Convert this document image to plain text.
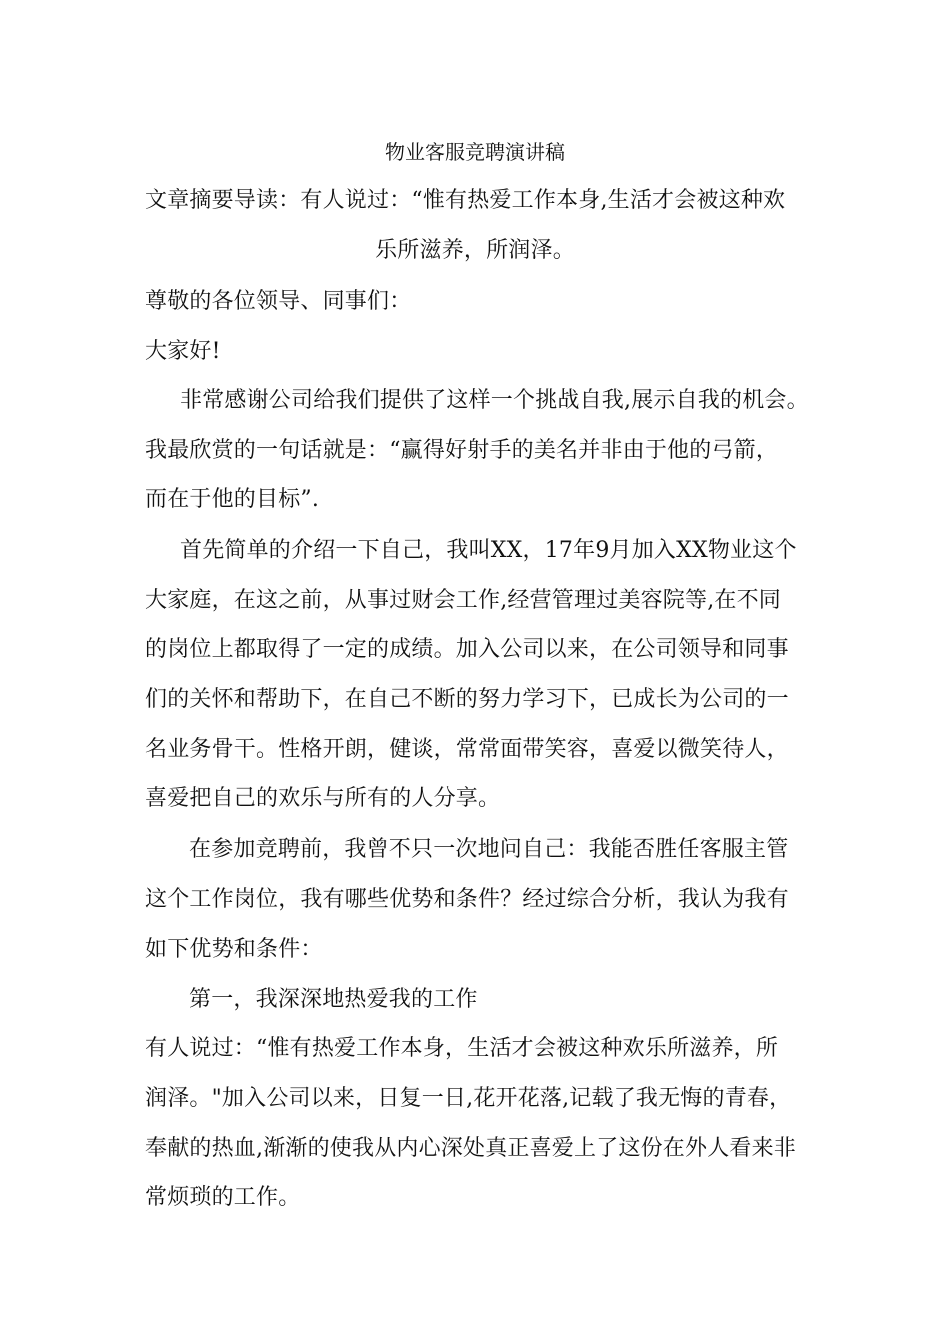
物业客服竞聘演讲稿
文章摘要导读：有人说过：“惟有热爱工作本身,生活才会被这种欢
乐所滋养，所润泽。
尊敬的各位领导、同事们：
大家好!
非常感谢公司给我们提供了这样一个挑战自我,展示自我的机会。
我最欣赏的一句话就是：“赢得好射手的美名并非由于他的弓箭，
而在于他的目标”.
首先简单的介绍一下自己，我叫XX，17年9月加入XX物业这个
大家庭，在这之前，从事过财会工作,经营管理过美容院等,在不同
的岗位上都取得了一定的成绩。加入公司以来，在公司领导和同事
们的关怀和帮助下，在自己不断的努力学习下，已成长为公司的一
名业务骨干。性格开朗，健谈，常常面带笑容，喜爱以微笑待人，
喜爱把自己的欢乐与所有的人分享。
在参加竞聘前，我曾不只一次地问自己：我能否胜任客服主管
这个工作岗位，我有哪些优势和条件？经过综合分析，我认为我有
如下优势和条件：
第一，我深深地热爱我的工作
有人说过：“惟有热爱工作本身，生活才会被这种欢乐所滋养，所
润泽。"加入公司以来，日复一日,花开花落,记载了我无悔的青春，
奉献的热血,渐渐的使我从内心深处真正喜爱上了这份在外人看来非
常烦琐的工作。
